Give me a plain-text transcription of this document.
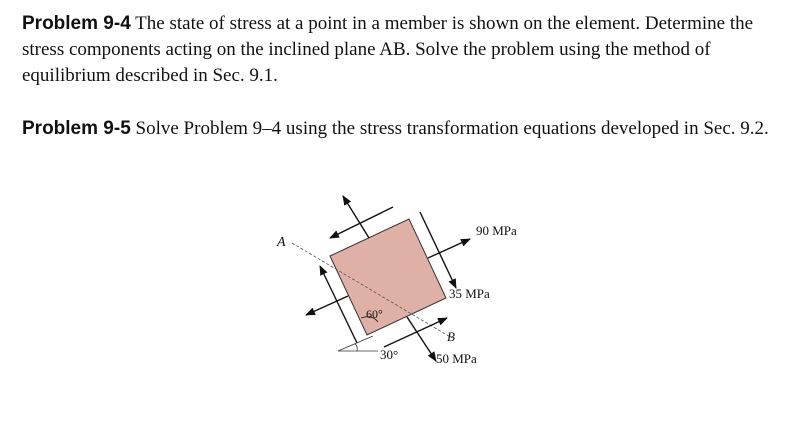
Problem 9-4 The state of stress at a point in a member is shown on the element. Determine the stress components acting on the inclined plane AB. Solve the problem using the method of equilibrium described in Sec. 9.1.

Problem 9-5 Solve Problem 9–4 using the stress transformation equations developed in Sec. 9.2.

A
B
90 MPa
50 MPa
35 MPa
60°
30°
